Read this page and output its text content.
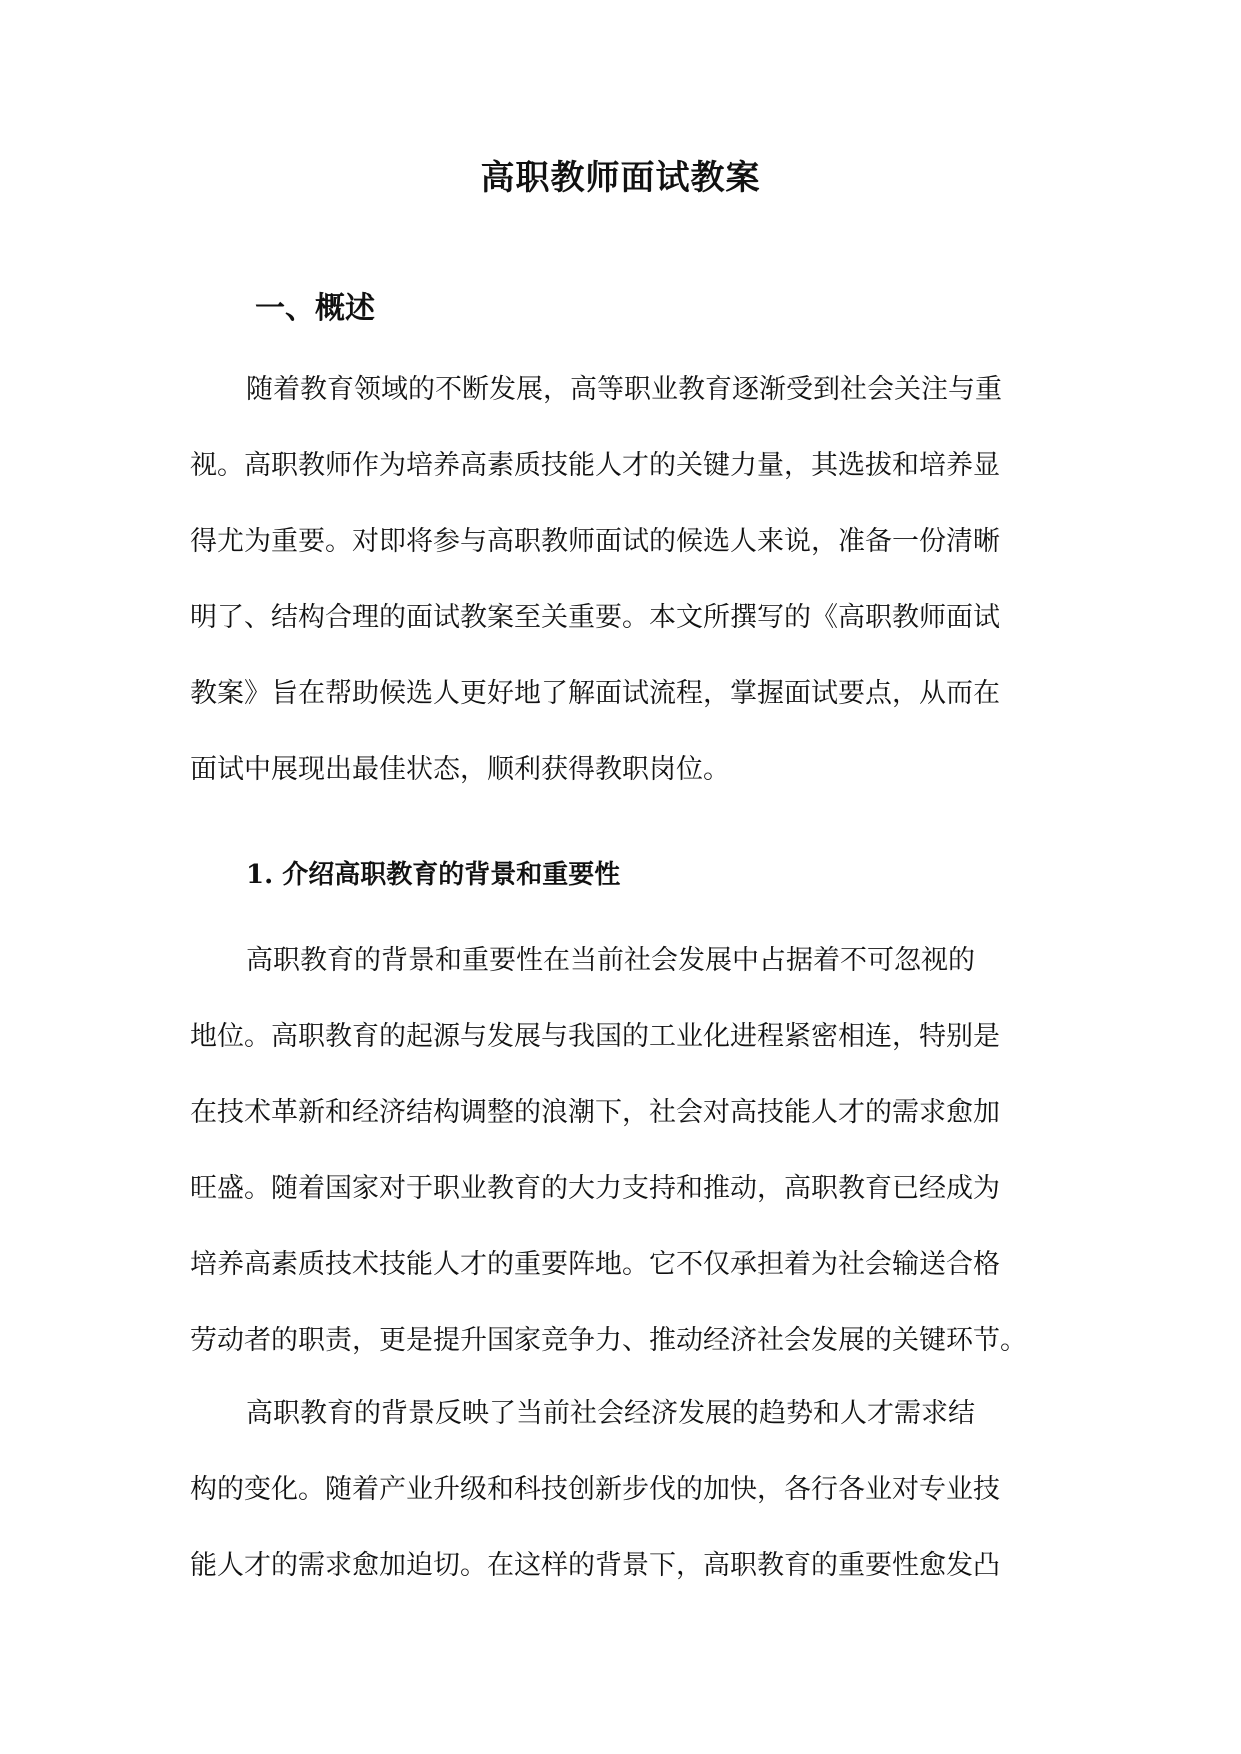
高职教师面试教案
一、概述
随着教育领域的不断发展，高等职业教育逐渐受到社会关注与重
视。高职教师作为培养高素质技能人才的关键力量，其选拔和培养显
得尤为重要。对即将参与高职教师面试的候选人来说，准备一份清晰
明了、结构合理的面试教案至关重要。本文所撰写的《高职教师面试
教案》旨在帮助候选人更好地了解面试流程，掌握面试要点，从而在
面试中展现出最佳状态，顺利获得教职岗位。
1. 介绍高职教育的背景和重要性
高职教育的背景和重要性在当前社会发展中占据着不可忽视的
地位。高职教育的起源与发展与我国的工业化进程紧密相连，特别是
在技术革新和经济结构调整的浪潮下，社会对高技能人才的需求愈加
旺盛。随着国家对于职业教育的大力支持和推动，高职教育已经成为
培养高素质技术技能人才的重要阵地。它不仅承担着为社会输送合格
劳动者的职责，更是提升国家竞争力、推动经济社会发展的关键环节。
高职教育的背景反映了当前社会经济发展的趋势和人才需求结
构的变化。随着产业升级和科技创新步伐的加快，各行各业对专业技
能人才的需求愈加迫切。在这样的背景下，高职教育的重要性愈发凸
